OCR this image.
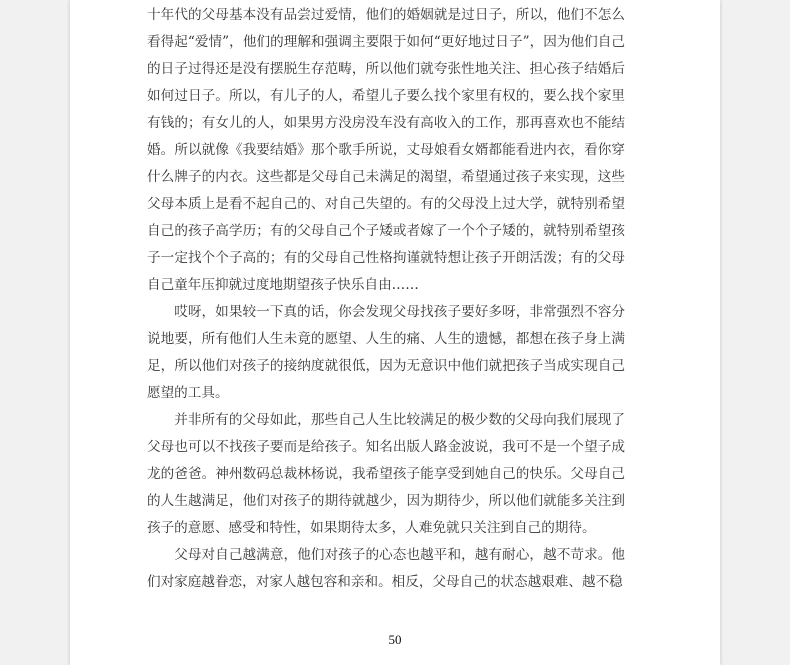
十年代的父母基本没有品尝过爱情，他们的婚姻就是过日子，所以，他们不怎么看得起“爱情”，他们的理解和强调主要限于如何“更好地过日子”，因为他们自己的日子过得还是没有摆脱生存范畴，所以他们就夸张性地关注、担心孩子结婚后如何过日子。所以，有儿子的人，希望儿子要么找个家里有权的，要么找个家里有钱的；有女儿的人，如果男方没房没车没有高收入的工作，那再喜欢也不能结婚。所以就像《我要结婚》那个歌手所说，丈母娘看女婿都能看进内衣，看你穿什么牌子的内衣。这些都是父母自己未满足的渴望，希望通过孩子来实现，这些父母本质上是看不起自己的、对自己失望的。有的父母没上过大学，就特别希望自己的孩子高学历；有的父母自己个子矮或者嫁了一个个子矮的，就特别希望孩子一定找个个子高的；有的父母自己性格拘谨就特想让孩子开朗活泼；有的父母自己童年压抑就过度地期望孩子快乐自由……

哎呀，如果较一下真的话，你会发现父母找孩子要好多呀，非常强烈不容分说地要，所有他们人生未竟的愿望、人生的痛、人生的遗憾，都想在孩子身上满足，所以他们对孩子的接纳度就很低，因为无意识中他们就把孩子当成实现自己愿望的工具。

并非所有的父母如此，那些自己人生比较满足的极少数的父母向我们展现了父母也可以不找孩子要而是给孩子。知名出版人路金波说，我可不是一个望子成龙的爸爸。神州数码总裁林杨说，我希望孩子能享受到她自己的快乐。父母自己的人生越满足，他们对孩子的期待就越少，因为期待少，所以他们就能多关注到孩子的意愿、感受和特性，如果期待太多，人难免就只关注到自己的期待。

父母对自己越满意，他们对孩子的心态也越平和，越有耐心，越不苛求。他们对家庭越眷恋，对家人越包容和亲和。相反，父母自己的状态越艰难、越不稳

50
